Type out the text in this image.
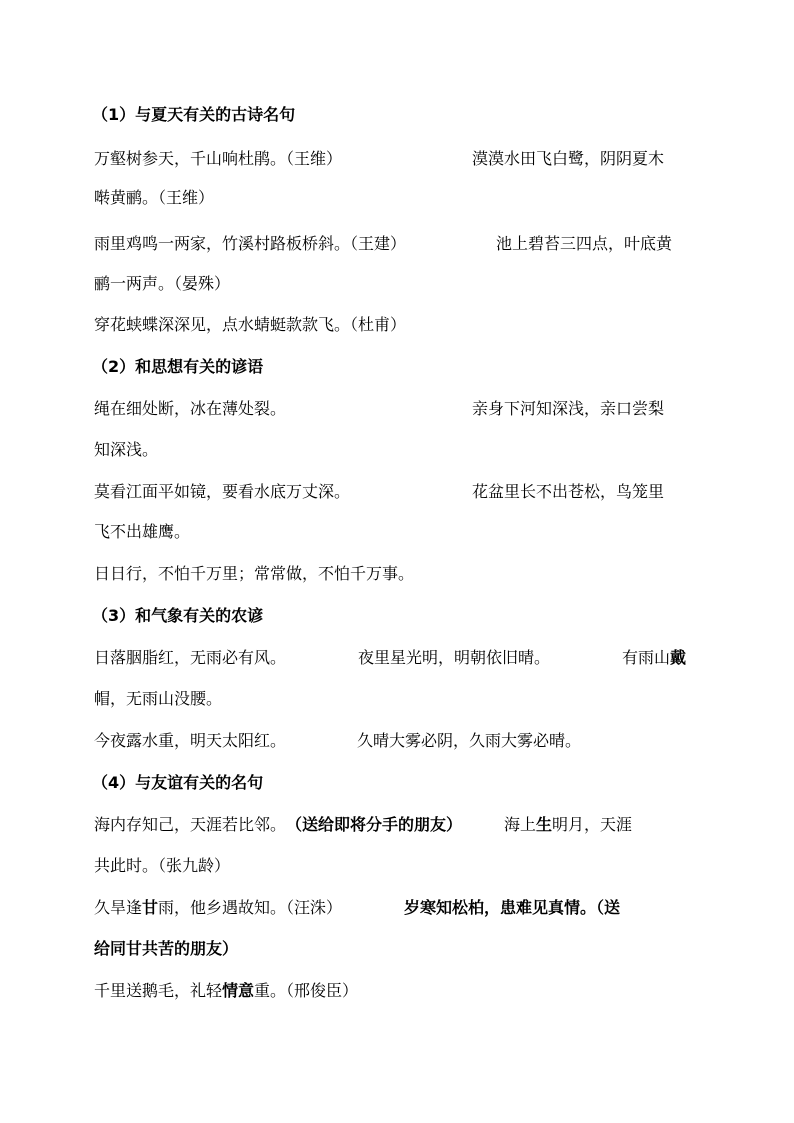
（1）与夏天有关的古诗名句
万壑树参天，千山响杜鹃。（王维）	漠漠水田飞白鹭，阴阴夏木
啭黄鹂。（王维）
雨里鸡鸣一两家，竹溪村路板桥斜。（王建）	池上碧苔三四点，叶底黄
鹂一两声。（晏殊）
穿花蛱蝶深深见，点水蜻蜓款款飞。（杜甫）
（2）和思想有关的谚语
绳在细处断，冰在薄处裂。	亲身下河知深浅，亲口尝梨
知深浅。
莫看江面平如镜，要看水底万丈深。	花盆里长不出苍松，鸟笼里
飞不出雄鹰。
日日行，不怕千万里；常常做，不怕千万事。
（3）和气象有关的农谚
日落胭脂红，无雨必有风。	夜里星光明，明朝依旧晴。	有雨山戴
帽，无雨山没腰。
今夜露水重，明天太阳红。	久晴大雾必阴，久雨大雾必晴。
（4）与友谊有关的名句
海内存知己，天涯若比邻。（送给即将分手的朋友）	海上生明月，天涯
共此时。（张九龄）
久旱逢甘雨，他乡遇故知。（汪洙）	岁寒知松柏，患难见真情。（送
给同甘共苦的朋友）
千里送鹅毛，礼轻情意重。（邢俊臣）
